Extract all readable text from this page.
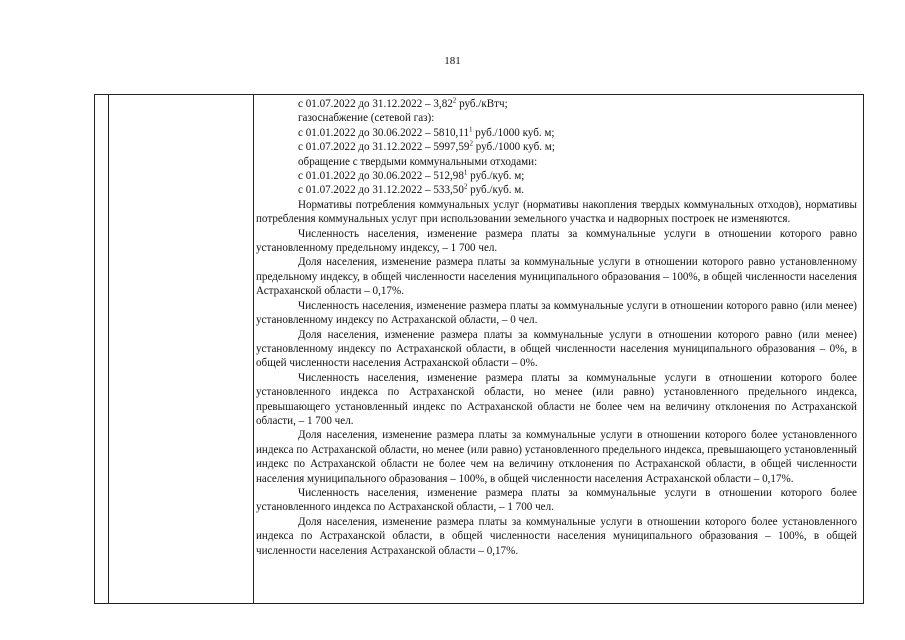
181

с 01.07.2022 до 31.12.2022 – 3,82$^2$ руб./кВтч;

газоснабжение (сетевой газ):

с 01.01.2022 до 30.06.2022 – 5810,11$^1$ руб./1000 куб. м;

с 01.07.2022 до 31.12.2022 – 5997,59$^2$ руб./1000 куб. м;

обращение с твердыми коммунальными отходами:

с 01.01.2022 до 30.06.2022 – 512,98$^1$ руб./куб. м;

с 01.07.2022 до 31.12.2022 – 533,50$^2$ руб./куб. м.

Нормативы потребления коммунальных услуг (нормативы накопления твердых коммунальных отходов), нормативы потребления коммунальных услуг при использовании земельного участка и надворных построек не изменяются.

Численность населения, изменение размера платы за коммунальные услуги в отношении которого равно установленному предельному индексу, – 1 700 чел.

Доля населения, изменение размера платы за коммунальные услуги в отношении которого равно установленному предельному индексу, в общей численности населения муниципального образования – 100%, в общей численности населения Астраханской области – 0,17%.

Численность населения, изменение размера платы за коммунальные услуги в отношении которого равно (или менее) установленному индексу по Астраханской области, – 0 чел.

Доля населения, изменение размера платы за коммунальные услуги в отношении которого равно (или менее) установленному индексу по Астраханской области, в общей численности населения муниципального образования – 0%, в общей численности населения Астраханской области – 0%.

Численность населения, изменение размера платы за коммунальные услуги в отношении которого более установленного индекса по Астраханской области, но менее (или равно) установленного предельного индекса, превышающего установленный индекс по Астраханской области не более чем на величину отклонения по Астраханской области, – 1 700 чел.

Доля населения, изменение размера платы за коммунальные услуги в отношении которого более установленного индекса по Астраханской области, но менее (или равно) установленного предельного индекса, превышающего установленный индекс по Астраханской области не более чем на величину отклонения по Астраханской области, в общей численности населения муниципального образования – 100%, в общей численности населения Астраханской области – 0,17%.

Численность населения, изменение размера платы за коммунальные услуги в отношении которого более установленного индекса по Астраханской области, – 1 700 чел.

Доля населения, изменение размера платы за коммунальные услуги в отношении которого более установленного индекса по Астраханской области, в общей численности населения муниципального образования – 100%, в общей численности населения Астраханской области – 0,17%.
